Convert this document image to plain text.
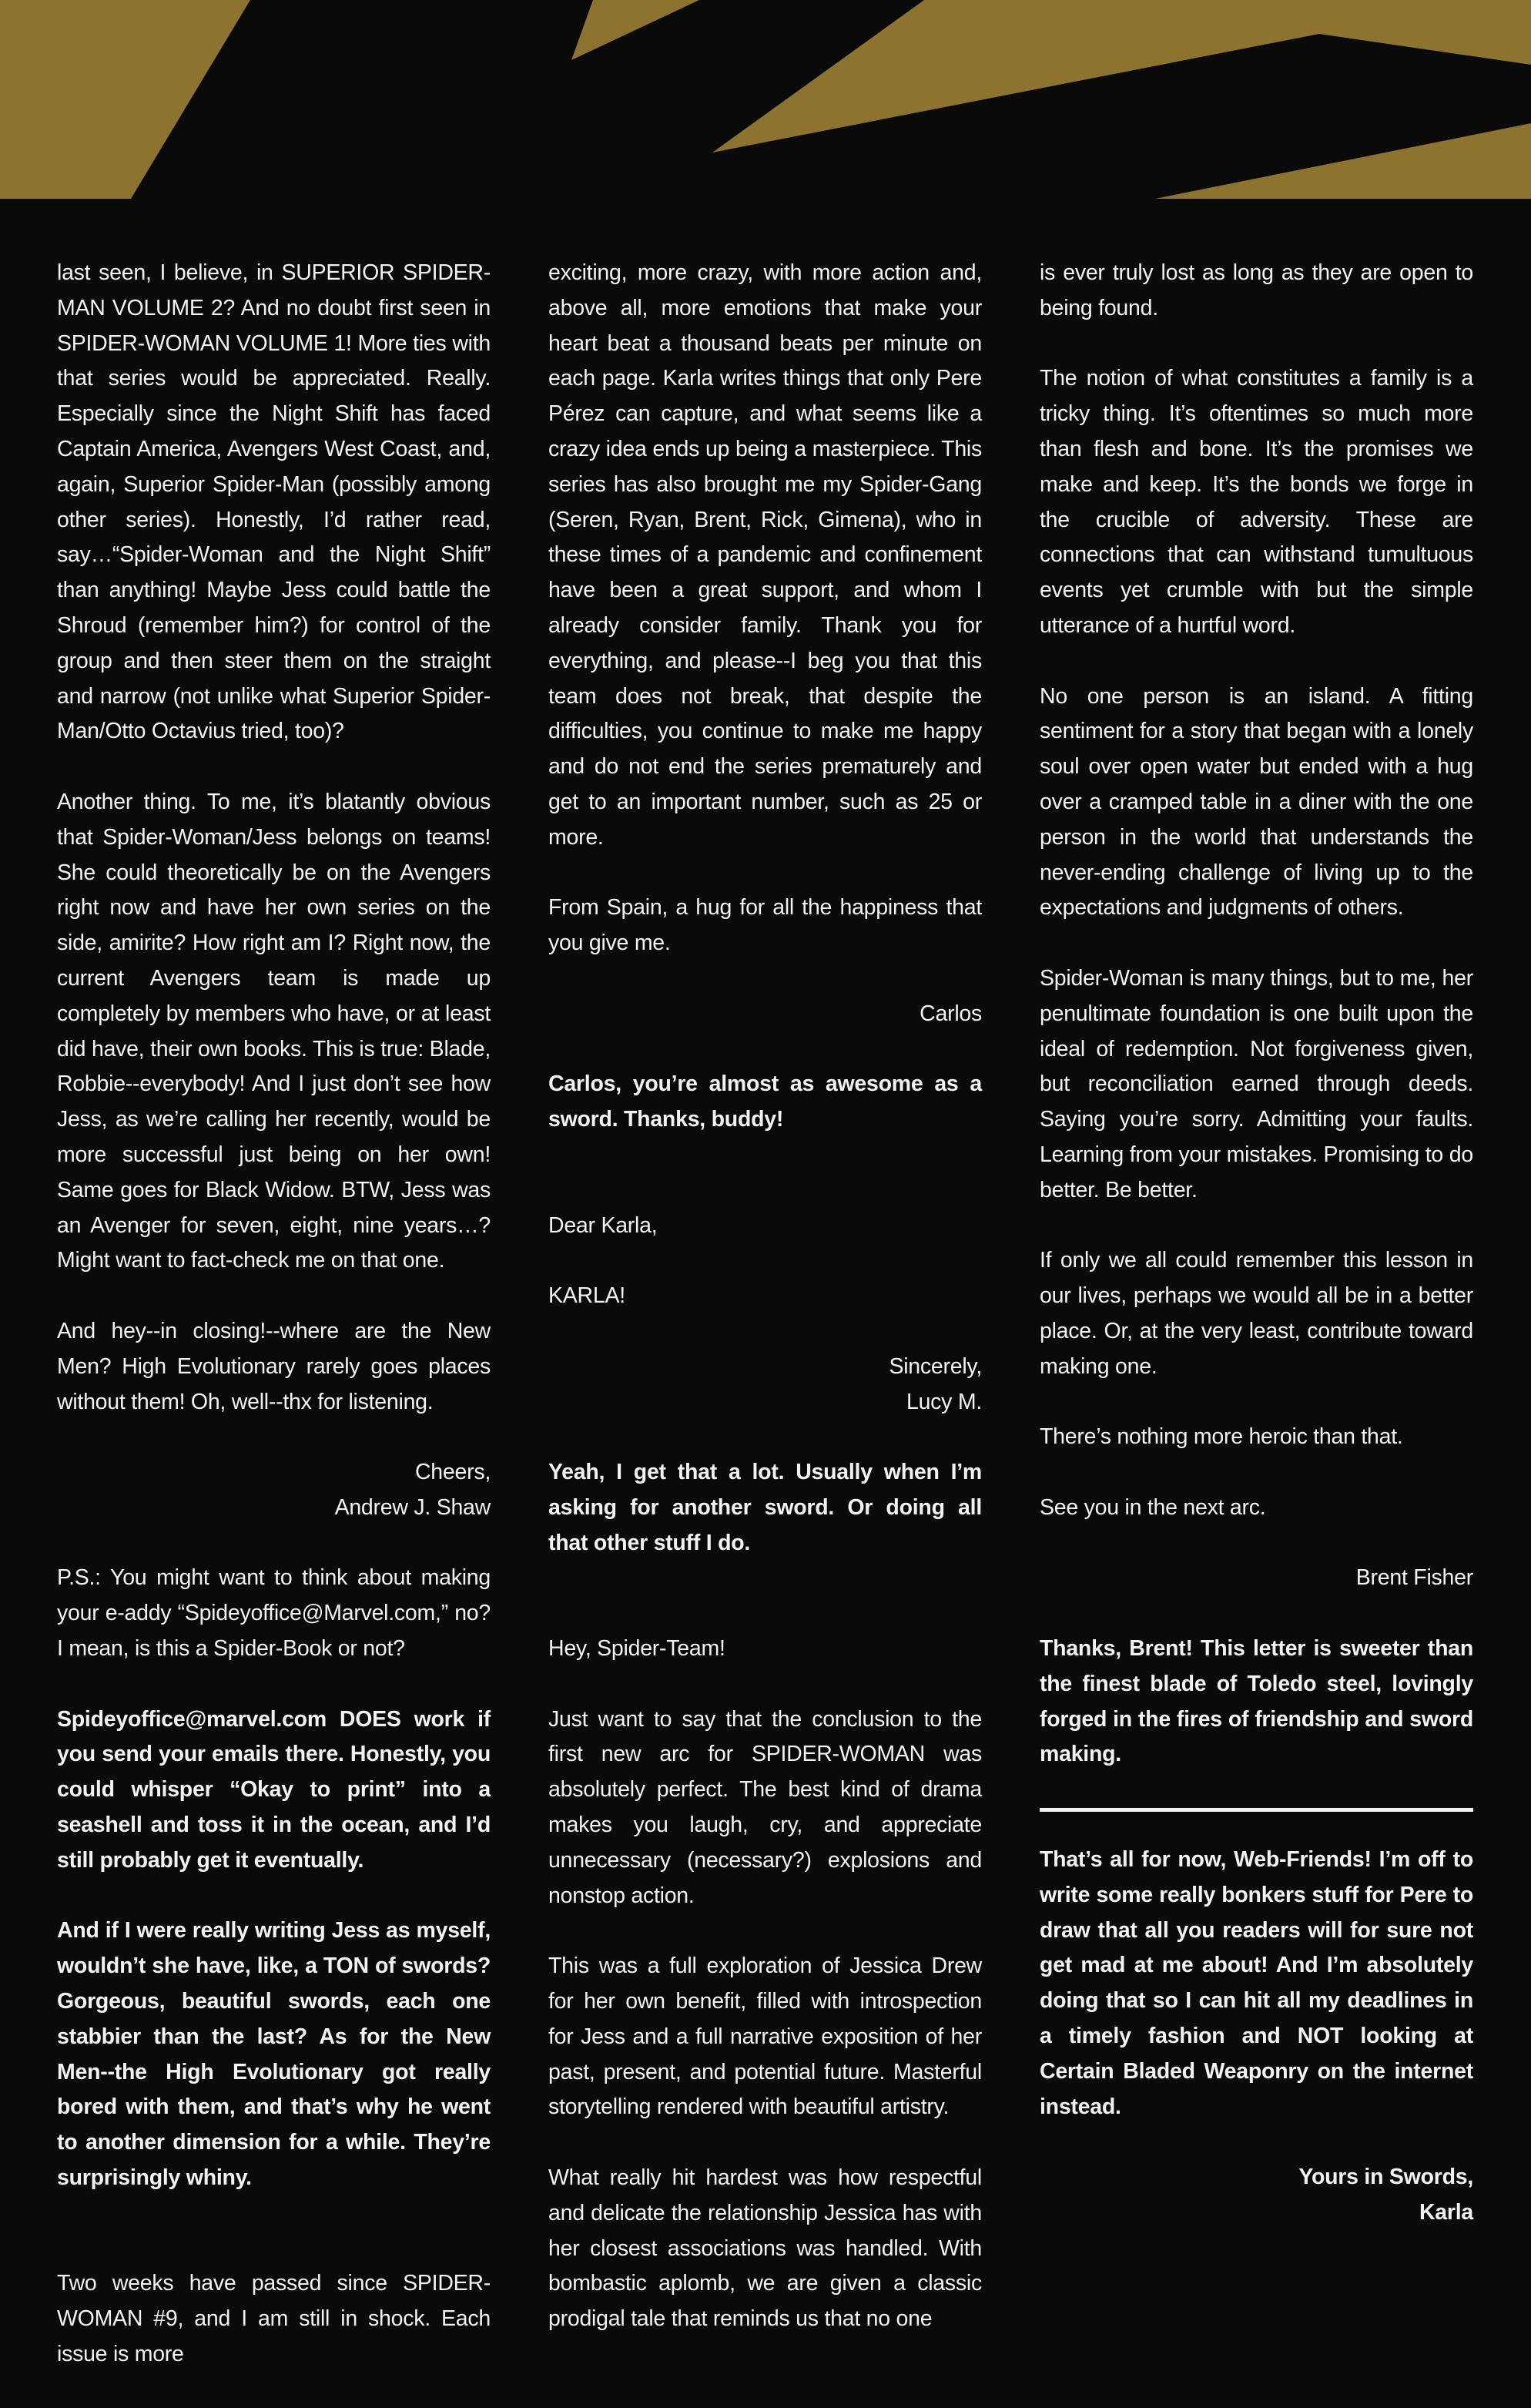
last seen, I believe, in SUPERIOR SPIDER-MAN VOLUME 2? And no doubt first seen in SPIDER-WOMAN VOLUME 1! More ties with that series would be appreciated. Really. Especially since the Night Shift has faced Captain America, Avengers West Coast, and, again, Superior Spider-Man (possibly among other series). Honestly, I’d rather read, say…“Spider-Woman and the Night Shift” than anything! Maybe Jess could battle the Shroud (remember him?) for control of the group and then steer them on the straight and narrow (not unlike what Superior Spider-Man/Otto Octavius tried, too)?

Another thing. To me, it’s blatantly obvious that Spider-Woman/Jess belongs on teams! She could theoretically be on the Avengers right now and have her own series on the side, amirite? How right am I? Right now, the current Avengers team is made up completely by members who have, or at least did have, their own books. This is true: Blade, Robbie--everybody! And I just don’t see how Jess, as we’re calling her recently, would be more successful just being on her own! Same goes for Black Widow. BTW, Jess was an Avenger for seven, eight, nine years…? Might want to fact-check me on that one.

And hey--in closing!--where are the New Men? High Evolutionary rarely goes places without them! Oh, well--thx for listening.

Cheers,
Andrew J. Shaw

P.S.: You might want to think about making your e-addy “Spideyoffice@Marvel.com,” no? I mean, is this a Spider-Book or not?

Spideyoffice@marvel.com DOES work if you send your emails there. Honestly, you could whisper “Okay to print” into a seashell and toss it in the ocean, and I’d still probably get it eventually.

And if I were really writing Jess as myself, wouldn’t she have, like, a TON of swords? Gorgeous, beautiful swords, each one stabbier than the last? As for the New Men--the High Evolutionary got really bored with them, and that’s why he went to another dimension for a while. They’re surprisingly whiny.

Two weeks have passed since SPIDER-WOMAN #9, and I am still in shock. Each issue is more

exciting, more crazy, with more action and, above all, more emotions that make your heart beat a thousand beats per minute on each page. Karla writes things that only Pere Pérez can capture, and what seems like a crazy idea ends up being a masterpiece. This series has also brought me my Spider-Gang (Seren, Ryan, Brent, Rick, Gimena), who in these times of a pandemic and confinement have been a great support, and whom I already consider family. Thank you for everything, and please--I beg you that this team does not break, that despite the difficulties, you continue to make me happy and do not end the series prematurely and get to an important number, such as 25 or more.

From Spain, a hug for all the happiness that you give me.

Carlos

Carlos, you’re almost as awesome as a sword. Thanks, buddy!

Dear Karla,

KARLA!

Sincerely,
Lucy M.

Yeah, I get that a lot. Usually when I’m asking for another sword. Or doing all that other stuff I do.

Hey, Spider-Team!

Just want to say that the conclusion to the first new arc for SPIDER-WOMAN was absolutely perfect. The best kind of drama makes you laugh, cry, and appreciate unnecessary (necessary?) explosions and nonstop action.

This was a full exploration of Jessica Drew for her own benefit, filled with introspection for Jess and a full narrative exposition of her past, present, and potential future. Masterful storytelling rendered with beautiful artistry.

What really hit hardest was how respectful and delicate the relationship Jessica has with her closest associations was handled. With bombastic aplomb, we are given a classic prodigal tale that reminds us that no one

is ever truly lost as long as they are open to being found.

The notion of what constitutes a family is a tricky thing. It’s oftentimes so much more than flesh and bone. It’s the promises we make and keep. It’s the bonds we forge in the crucible of adversity. These are connections that can withstand tumultuous events yet crumble with but the simple utterance of a hurtful word.

No one person is an island. A fitting sentiment for a story that began with a lonely soul over open water but ended with a hug over a cramped table in a diner with the one person in the world that understands the never-ending challenge of living up to the expectations and judgments of others.

Spider-Woman is many things, but to me, her penultimate foundation is one built upon the ideal of redemption. Not forgiveness given, but reconciliation earned through deeds. Saying you’re sorry. Admitting your faults. Learning from your mistakes. Promising to do better. Be better.

If only we all could remember this lesson in our lives, perhaps we would all be in a better place. Or, at the very least, contribute toward making one.

There’s nothing more heroic than that.

See you in the next arc.

Brent Fisher

Thanks, Brent! This letter is sweeter than the finest blade of Toledo steel, lovingly forged in the fires of friendship and sword making.

That’s all for now, Web-Friends! I’m off to write some really bonkers stuff for Pere to draw that all you readers will for sure not get mad at me about! And I’m absolutely doing that so I can hit all my deadlines in a timely fashion and NOT looking at Certain Bladed Weaponry on the internet instead.

Yours in Swords,
Karla
